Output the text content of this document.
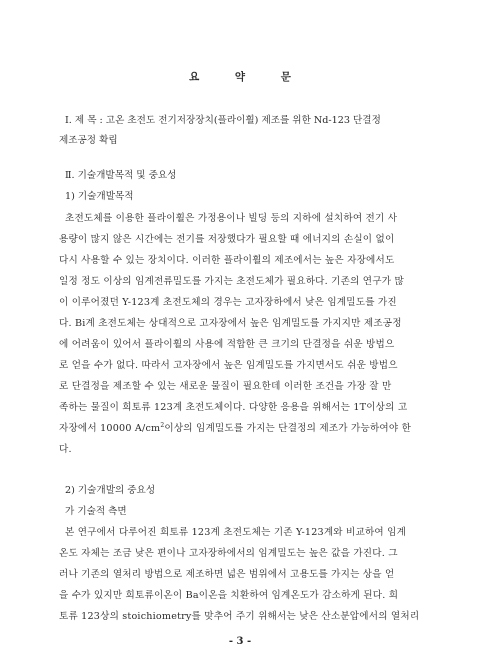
요 약 문
Ⅰ. 제 목 : 고온 초전도 전기저장장치(플라이휠) 제조를 위한 Nd-123 단결정
제조공정 확립
Ⅱ. 기술개발목적 및 중요성
1) 기술개발목적
초전도체를 이용한 플라이휠은 가정용이나 빌딩 등의 지하에 설치하여 전기 사
용량이 많지 않은 시간에는 전기를 저장했다가 필요할 때 에너지의 손실이 없이
다시 사용할 수 있는 장치이다. 이러한 플라이휠의 제조에서는 높은 자장에서도
일정 정도 이상의 임계전류밀도를 가지는 초전도체가 필요하다. 기존의 연구가 많
이 이루어졌던 Y-123계 초전도체의 경우는 고자장하에서 낮은 임계밀도를 가진
다. Bi계 초전도체는 상대적으로 고자장에서 높은 임계밀도를 가지지만 제조공정
에 어려움이 있어서 플라이휠의 사용에 적합한 큰 크기의 단결정을 쉬운 방법으
로 얻을 수가 없다. 따라서 고자장에서 높은 임계밀도를 가지면서도 쉬운 방법으
로 단결정을 제조할 수 있는 새로운 물질이 필요한데 이러한 조건을 가장 잘 만
족하는 물질이 희토류 123계 초전도체이다. 다양한 응용을 위해서는 1T이상의 고
자장에서 10000 $A/cm^2$이상의 임계밀도를 가지는 단결정의 제조가 가능하여야 한
다.
2) 기술개발의 중요성
가 기술적 측면
본 연구에서 다루어진 희토류 123계 초전도체는 기존 Y-123계와 비교하여 임계
온도 자체는 조금 낮은 편이나 고자장하에서의 임계밀도는 높은 값을 가진다. 그
러나 기존의 열처리 방법으로 제조하면 넓은 범위에서 고용도를 가지는 상을 얻
을 수가 있지만 희토류이온이 Ba이온을 치환하여 임계온도가 감소하게 된다. 희
토류 123상의 stoichiometry를 맞추어 주기 위해서는 낮은 산소분압에서의 열처리
- 3 -
